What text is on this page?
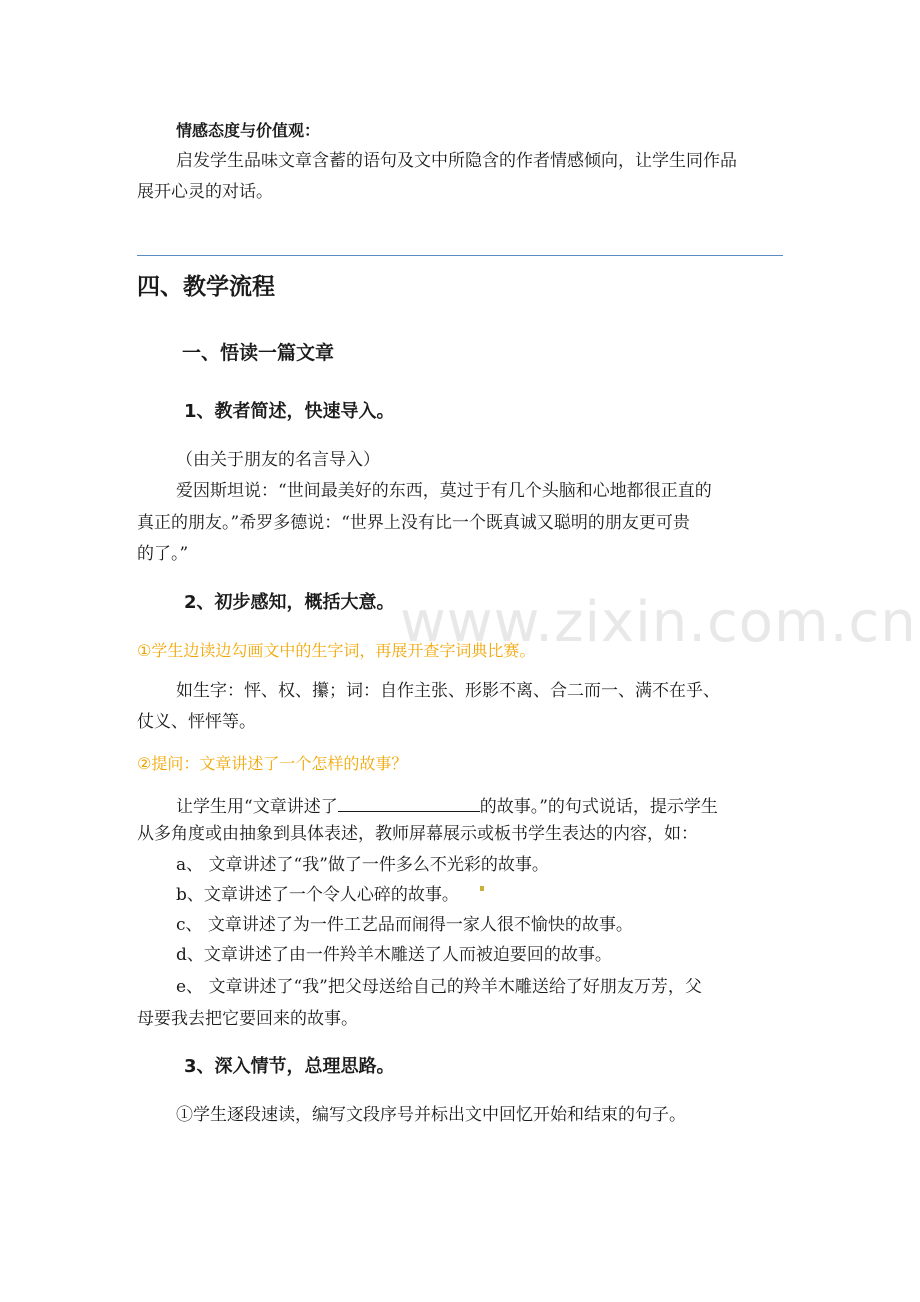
www.zixin.com.cn
情感态度与价值观：
启发学生品味文章含蓄的语句及文中所隐含的作者情感倾向，让学生同作品
展开心灵的对话。
四、教学流程
一、悟读一篇文章
1、教者简述，快速导入。
（由关于朋友的名言导入）
爱因斯坦说：“世间最美好的东西，莫过于有几个头脑和心地都很正直的
真正的朋友。”希罗多德说：“世界上没有比一个既真诚又聪明的朋友更可贵
的了。”
2、初步感知，概括大意。
①学生边读边勾画文中的生字词，再展开查字词典比赛。
如生字：怦、权、攥；词：自作主张、形影不离、合二而一、满不在乎、
仗义、怦怦等。
②提问：文章讲述了一个怎样的故事？
让学生用“文章讲述了	的故事。”的句式说话，提示学生
从多角度或由抽象到具体表述，教师屏幕展示或板书学生表达的内容，如：
a、 文章讲述了“我”做了一件多么不光彩的故事。
b、文章讲述了一个令人心碎的故事。
c、 文章讲述了为一件工艺品而闹得一家人很不愉快的故事。
d、文章讲述了由一件羚羊木雕送了人而被迫要回的故事。
e、 文章讲述了“我”把父母送给自己的羚羊木雕送给了好朋友万芳，父
母要我去把它要回来的故事。
3、深入情节，总理思路。
①学生逐段速读，编写文段序号并标出文中回忆开始和结束的句子。
